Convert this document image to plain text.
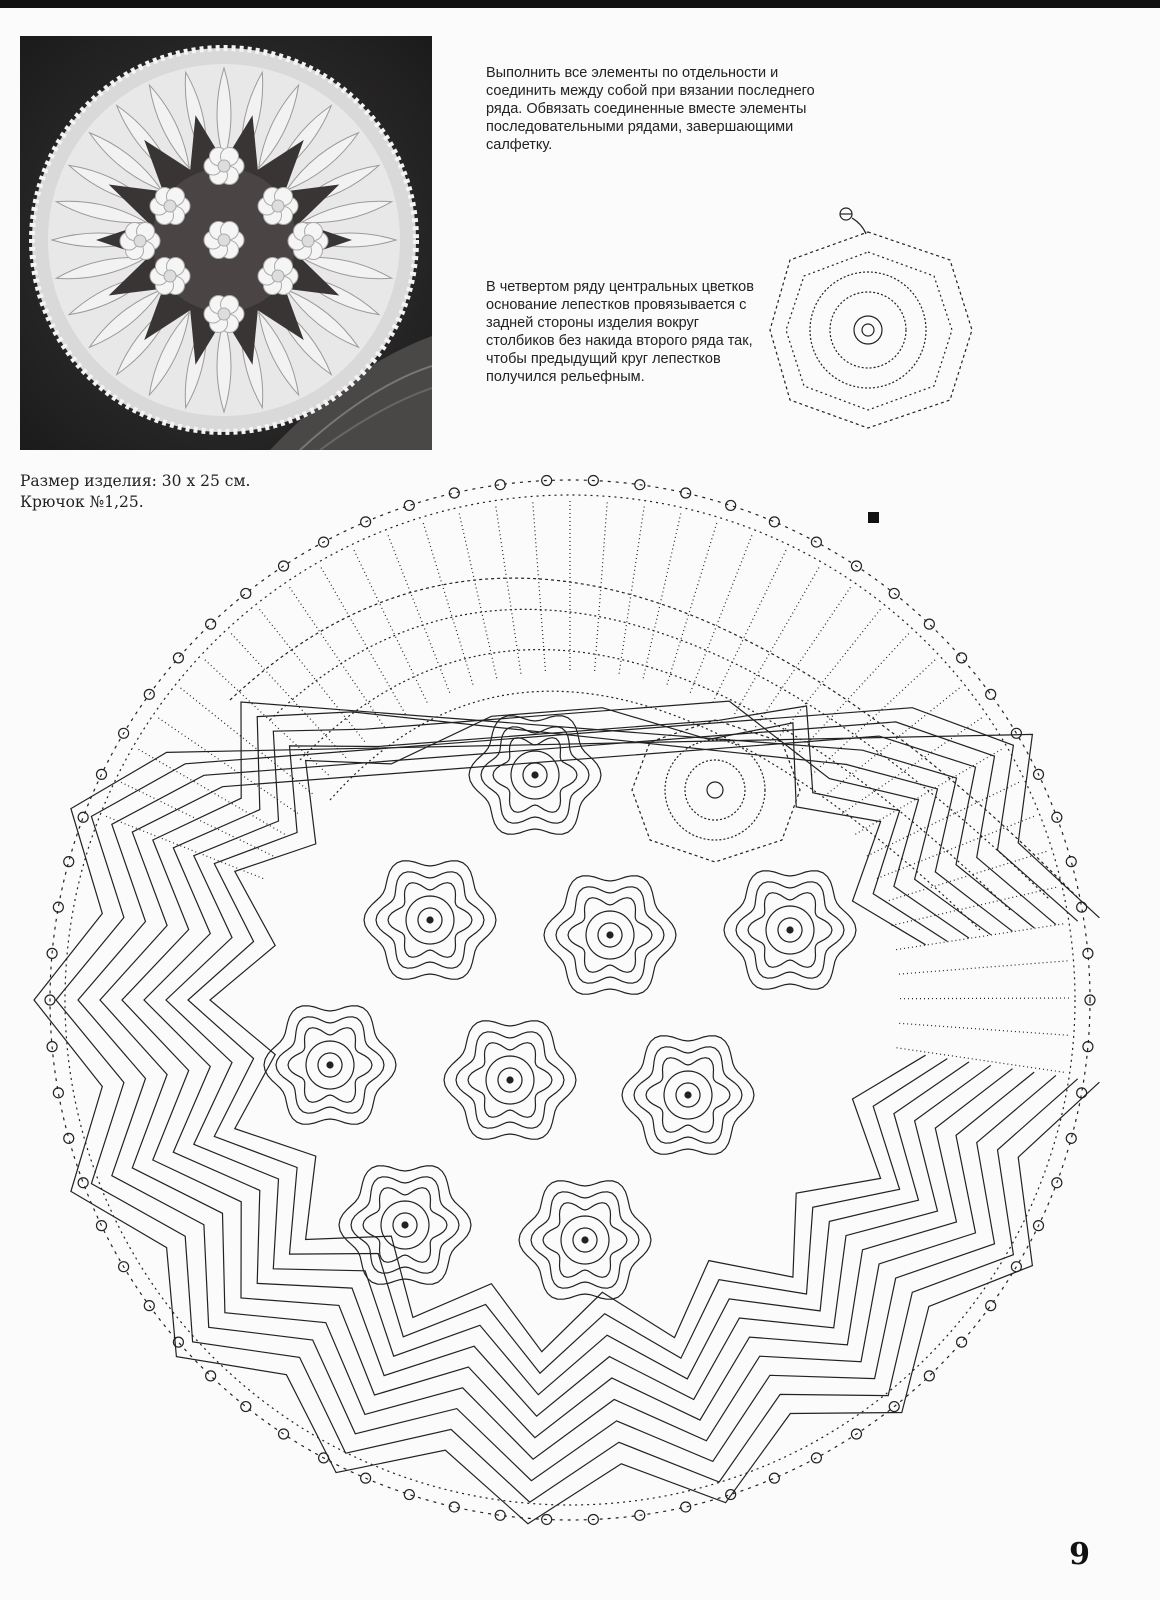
Выполнить все элементы по отдельности и соединить между собой при вязании последнего ряда. Обвязать соединенные вместе элементы последовательными рядами, завершающими салфетку.
В четвертом ряду центральных цветков основание лепестков провязывается с задней стороны изделия вокруг столбиков без накида второго ряда так, чтобы предыдущий круг лепестков получился рельефным.
Размер изделия: 30 х 25 см.
Крючок №1,25.
9
